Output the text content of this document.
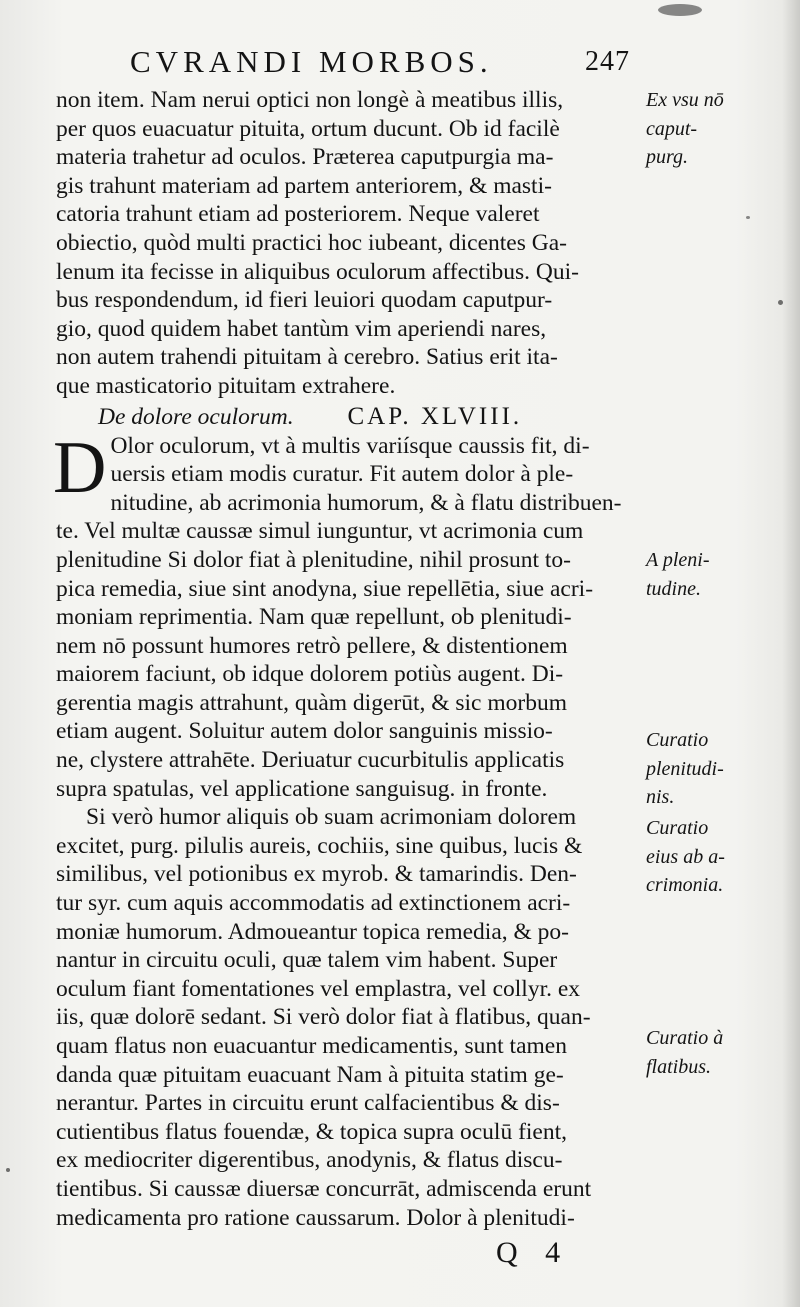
CVRANDI MORBOS.	247
non item. Nam nerui optici non longè à meatibus illis,
per quos euacuatur pituita, ortum ducunt. Ob id facilè
materia trahetur ad oculos. Præterea caputpurgia ma-
gis trahunt materiam ad partem anteriorem, & masti-
catoria trahunt etiam ad posteriorem. Neque valeret
obiectio, quòd multi practici hoc iubeant, dicentes Ga-
lenum ita fecisse in aliquibus oculorum affectibus. Qui-
bus respondendum, id fieri leuiori quodam caputpur-
gio, quod quidem habet tantùm vim aperiendi nares,
non autem trahendi pituitam à cerebro. Satius erit ita-
que masticatorio pituitam extrahere.
De dolore oculorum. CAP. XLVIII.
D Olor oculorum, vt à multis variísque caussis fit, di-
uersis etiam modis curatur. Fit autem dolor à ple-
nitudine, ab acrimonia humorum, & à flatu distribuen-
te. Vel multæ caussæ simul iunguntur, vt acrimonia cum
plenitudine Si dolor fiat à plenitudine, nihil prosunt to-
pica remedia, siue sint anodyna, siue repellētia, siue acri-
moniam reprimentia. Nam quæ repellunt, ob plenitudi-
nem nō possunt humores retrò pellere, & distentionem
maiorem faciunt, ob idque dolorem potiùs augent. Di-
gerentia magis attrahunt, quàm digerūt, & sic morbum
etiam augent. Soluitur autem dolor sanguinis missio-
ne, clystere attrahēte. Deriuatur cucurbitulis applicatis
supra spatulas, vel applicatione sanguisug. in fronte.
Si verò humor aliquis ob suam acrimoniam dolorem
excitet, purg. pilulis aureis, cochiis, sine quibus, lucis &
similibus, vel potionibus ex myrob. & tamarindis. Den-
tur syr. cum aquis accommodatis ad extinctionem acri-
moniæ humorum. Admoueantur topica remedia, & po-
nantur in circuitu oculi, quæ talem vim habent. Super
oculum fiant fomentationes vel emplastra, vel collyr. ex
iis, quæ dolorē sedant. Si verò dolor fiat à flatibus, quan-
quam flatus non euacuantur medicamentis, sunt tamen
danda quæ pituitam euacuant Nam à pituita statim ge-
nerantur. Partes in circuitu erunt calfacientibus & dis-
cutientibus flatus fouendæ, & topica supra oculū fient,
ex mediocriter digerentibus, anodynis, & flatus discu-
tientibus. Si caussæ diuersæ concurrāt, admiscenda erunt
medicamenta pro ratione caussarum. Dolor à plenitudi-
Ex vsu nō
caput-
purg.
A pleni-
tudine.
Curatio
plenitudi-
nis.
Curatio
eius ab a-
crimonia.
Curatio à
flatibus.
Q 4
